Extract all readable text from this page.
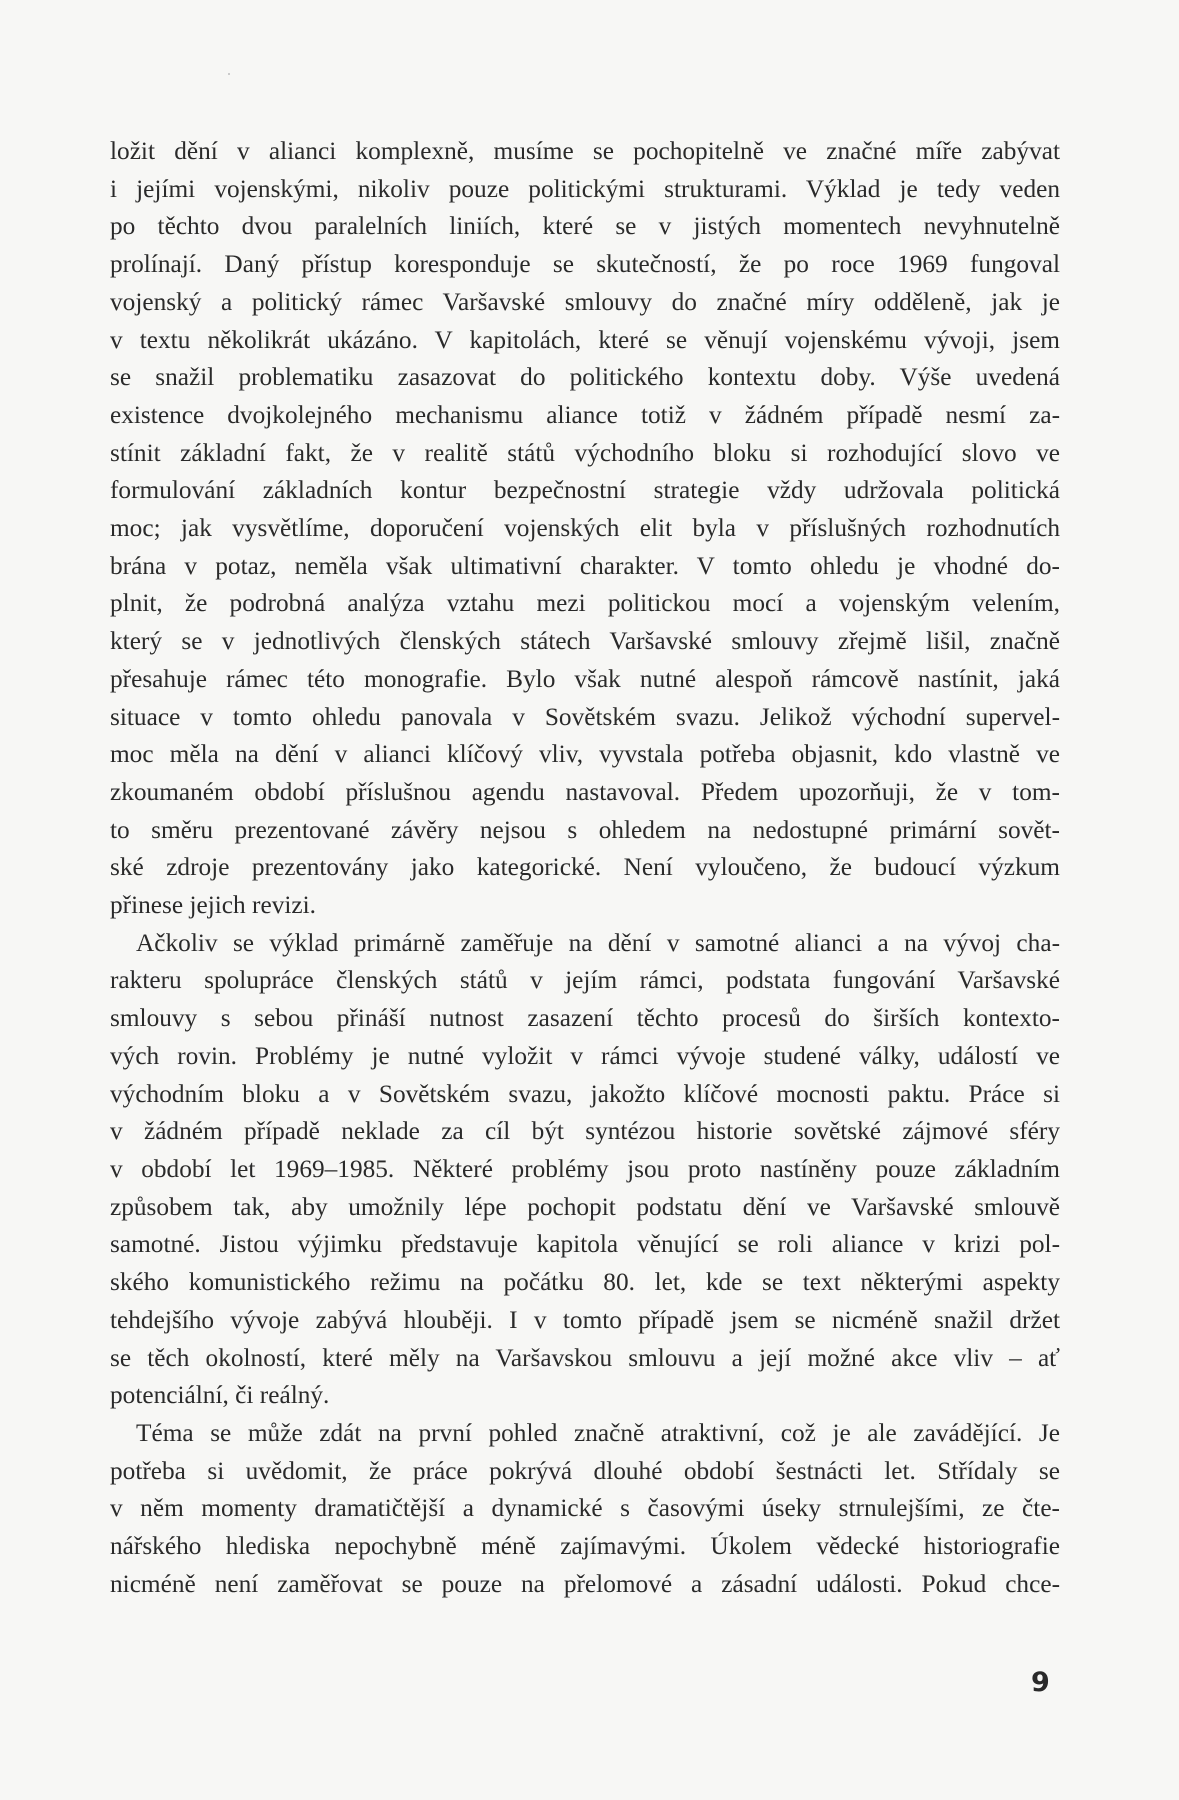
ložit dění v alianci komplexně, musíme se pochopitelně ve značné míře zabývat
i jejími vojenskými, nikoliv pouze politickými strukturami. Výklad je tedy veden
po těchto dvou paralelních liniích, které se v jistých momentech nevyhnutelně
prolínají. Daný přístup koresponduje se skutečností, že po roce 1969 fungoval
vojenský a politický rámec Varšavské smlouvy do značné míry odděleně, jak je
v textu několikrát ukázáno. V kapitolách, které se věnují vojenskému vývoji, jsem
se snažil problematiku zasazovat do politického kontextu doby. Výše uvedená
existence dvojkolejného mechanismu aliance totiž v žádném případě nesmí za-
stínit základní fakt, že v realitě států východního bloku si rozhodující slovo ve
formulování základních kontur bezpečnostní strategie vždy udržovala politická
moc; jak vysvětlíme, doporučení vojenských elit byla v příslušných rozhodnutích
brána v potaz, neměla však ultimativní charakter. V tomto ohledu je vhodné do-
plnit, že podrobná analýza vztahu mezi politickou mocí a vojenským velením,
který se v jednotlivých členských státech Varšavské smlouvy zřejmě lišil, značně
přesahuje rámec této monografie. Bylo však nutné alespoň rámcově nastínit, jaká
situace v tomto ohledu panovala v Sovětském svazu. Jelikož východní supervel-
moc měla na dění v alianci klíčový vliv, vyvstala potřeba objasnit, kdo vlastně ve
zkoumaném období příslušnou agendu nastavoval. Předem upozorňuji, že v tom-
to směru prezentované závěry nejsou s ohledem na nedostupné primární sovět-
ské zdroje prezentovány jako kategorické. Není vyloučeno, že budoucí výzkum
přinese jejich revizi.

Ačkoliv se výklad primárně zaměřuje na dění v samotné alianci a na vývoj cha-
rakteru spolupráce členských států v jejím rámci, podstata fungování Varšavské
smlouvy s sebou přináší nutnost zasazení těchto procesů do širších kontexto-
vých rovin. Problémy je nutné vyložit v rámci vývoje studené války, událostí ve
východním bloku a v Sovětském svazu, jakožto klíčové mocnosti paktu. Práce si
v žádném případě neklade za cíl být syntézou historie sovětské zájmové sféry
v období let 1969–1985. Některé problémy jsou proto nastíněny pouze základním
způsobem tak, aby umožnily lépe pochopit podstatu dění ve Varšavské smlouvě
samotné. Jistou výjimku představuje kapitola věnující se roli aliance v krizi pol-
ského komunistického režimu na počátku 80. let, kde se text některými aspekty
tehdejšího vývoje zabývá hlouběji. I v tomto případě jsem se nicméně snažil držet
se těch okolností, které měly na Varšavskou smlouvu a její možné akce vliv – ať
potenciální, či reálný.

Téma se může zdát na první pohled značně atraktivní, což je ale zavádějící. Je
potřeba si uvědomit, že práce pokrývá dlouhé období šestnácti let. Střídaly se
v něm momenty dramatičtější a dynamické s časovými úseky strnulejšími, ze čte-
nářského hlediska nepochybně méně zajímavými. Úkolem vědecké historiografie
nicméně není zaměřovat se pouze na přelomové a zásadní události. Pokud chce-

9
